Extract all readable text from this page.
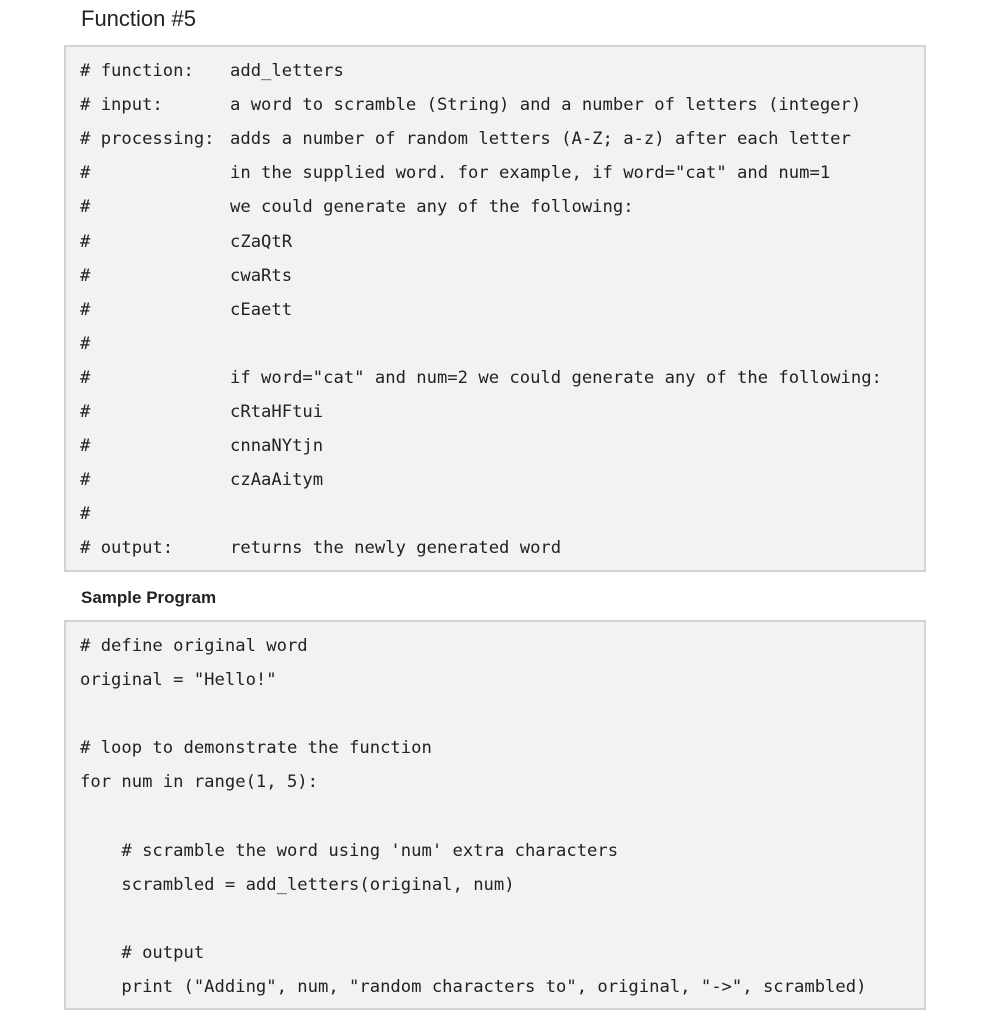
Function #5
# function: add_letters
# input:	a word to scramble (String) and a number of letters (integer)
# processing: adds a number of random letters (A-Z; a-z) after each letter
#	in the supplied word. for example, if word="cat" and num=1
#	we could generate any of the following:
#	cZaQtR
#	cwaRts
#	cEaett
#
#	if word="cat" and num=2 we could generate any of the following:
#	cRtaHFtui
#	cnnaNYtjn
#	czAaAitym
#
# output:	returns the newly generated word
Sample Program
# define original word
original = "Hello!"
# loop to demonstrate the function
for num in range(1, 5):
# scramble the word using 'num' extra characters
scrambled = add_letters(original, num)
# output
print ("Adding", num, "random characters to", original, "->", scrambled)
